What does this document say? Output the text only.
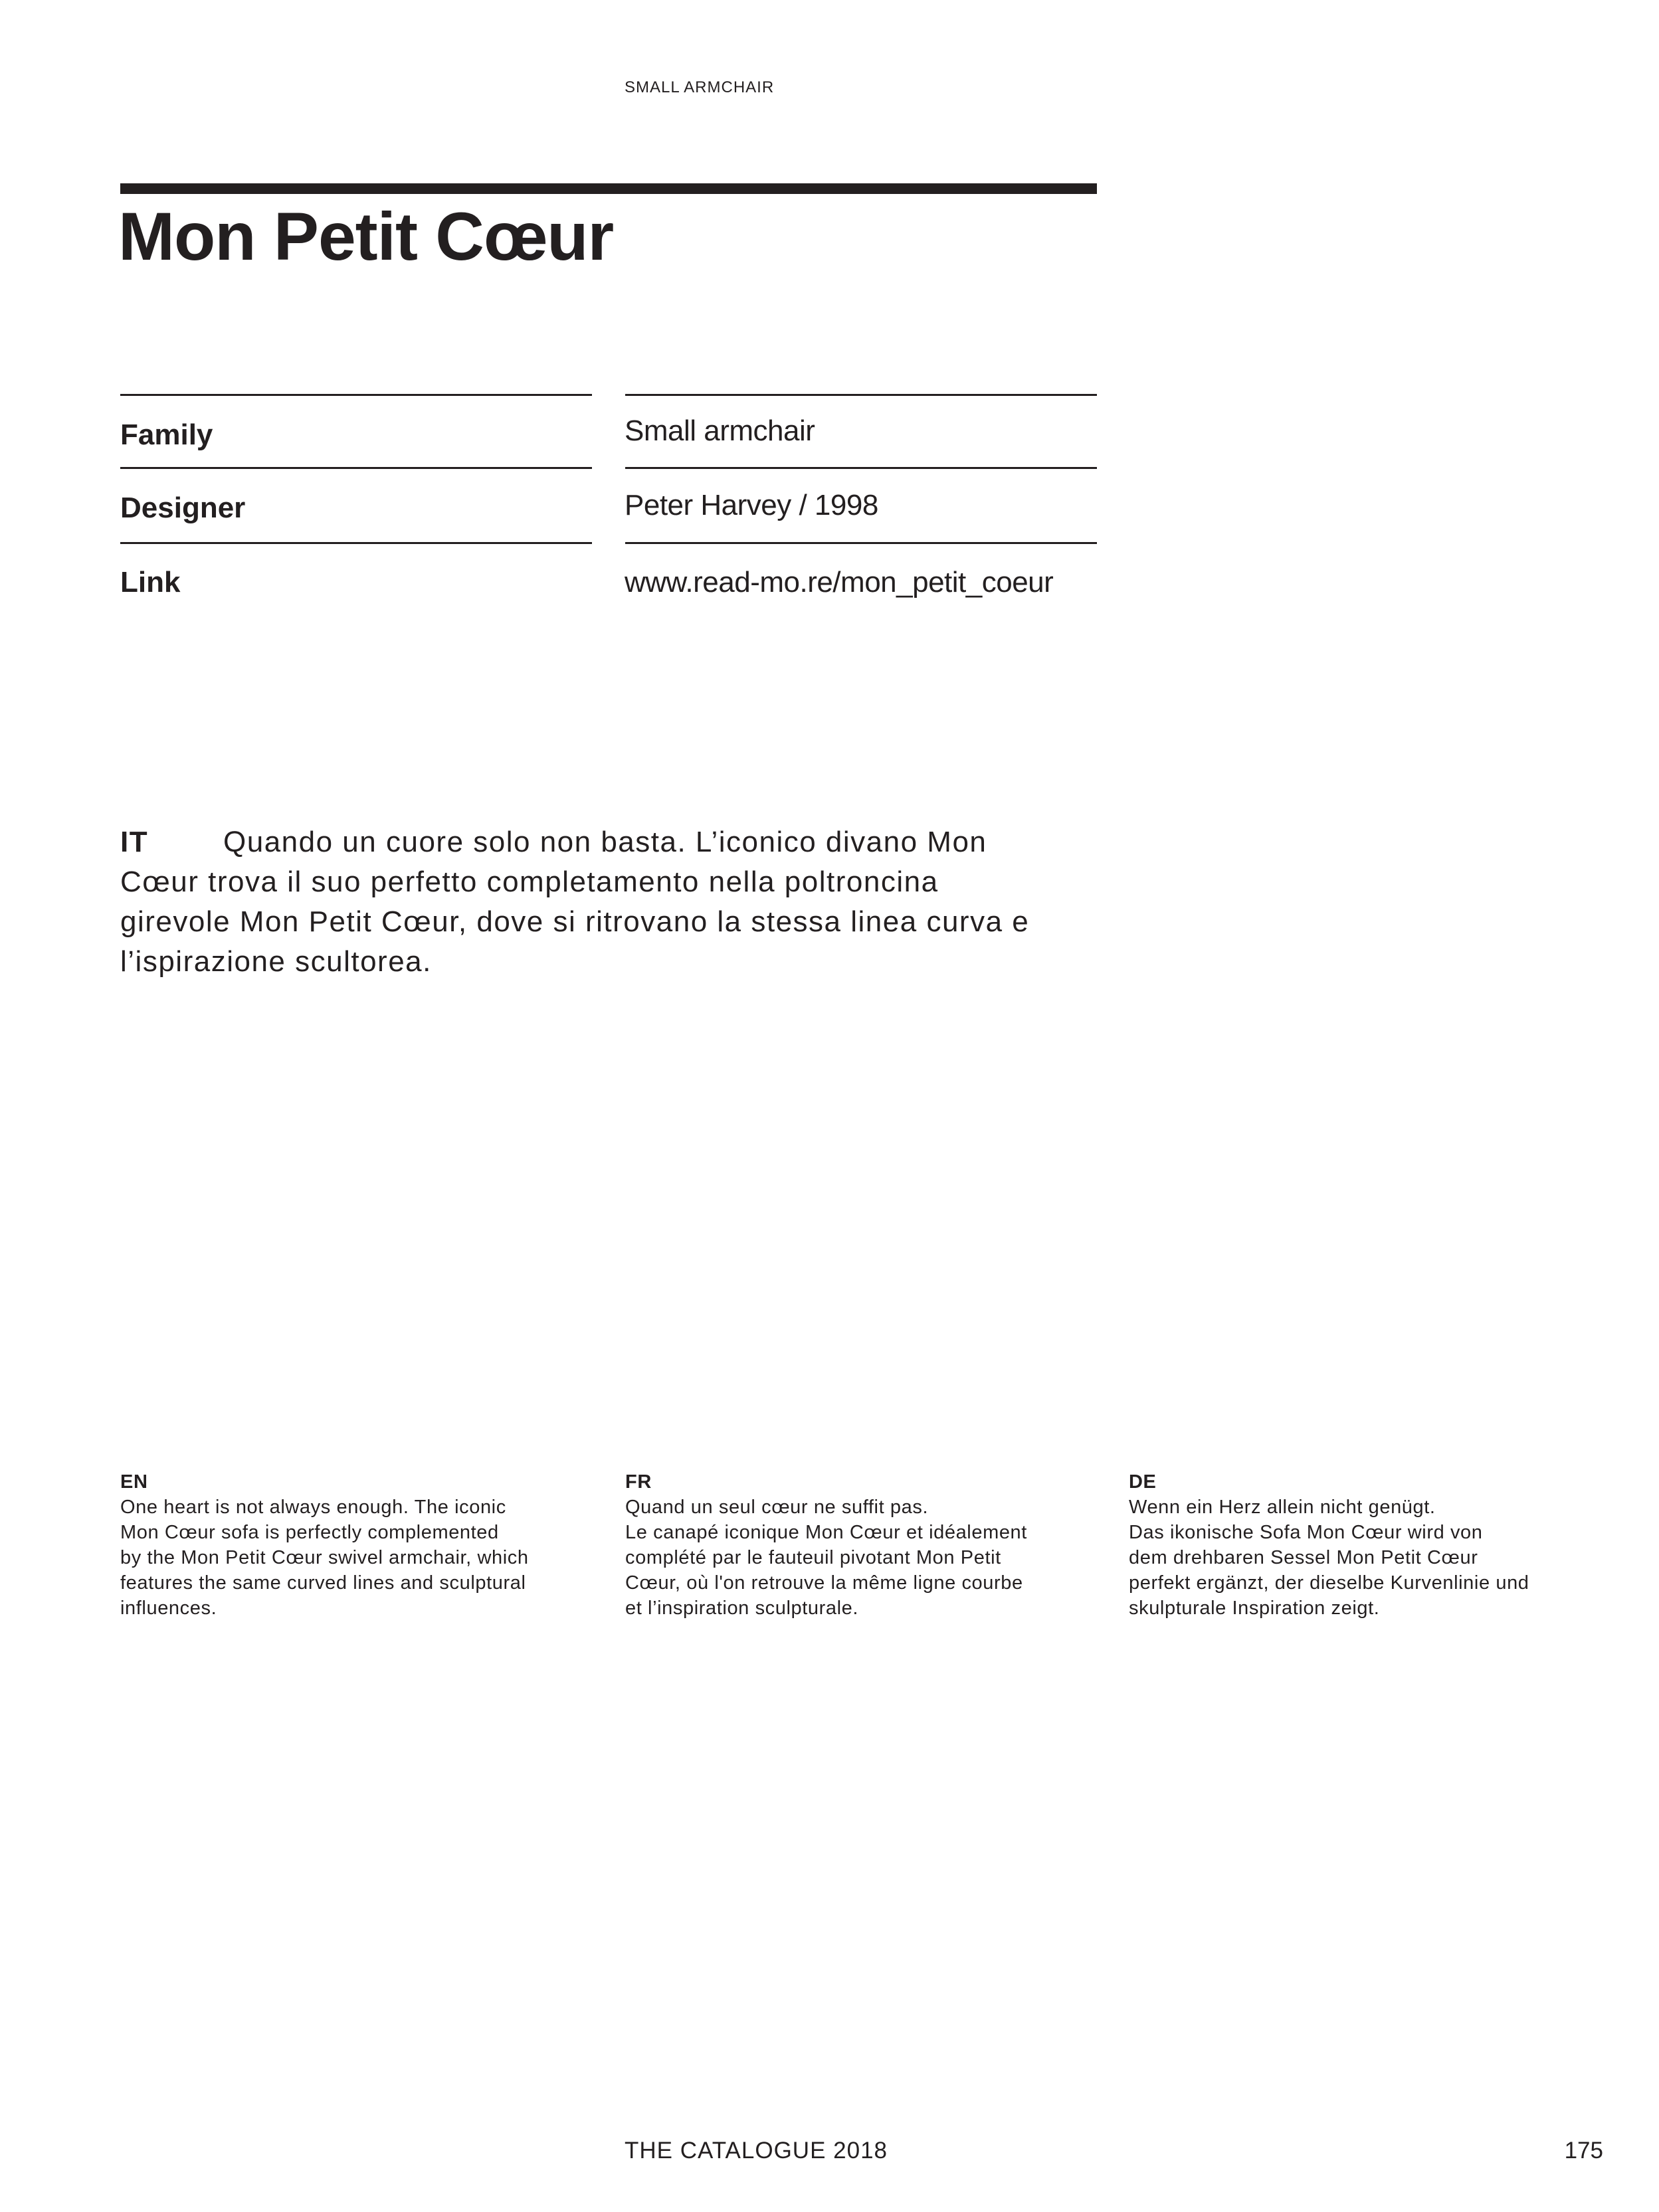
SMALL ARMCHAIR
Mon Petit Cœur
Family	Small armchair
Designer	Peter Harvey / 1998
Link	www.read-mo.re/mon_petit_coeur
IT	Quando un cuore solo non basta. L’iconico divano Mon Cœur trova il suo perfetto completamento nella poltroncina girevole Mon Petit Cœur, dove si ritrovano la stessa linea curva e l’ispirazione scultorea.
EN
One heart is not always enough. The iconic
Mon Cœur sofa is perfectly complemented
by the Mon Petit Cœur swivel armchair, which
features the same curved lines and sculptural
influences.
FR
Quand un seul cœur ne suffit pas.
Le canapé iconique Mon Cœur et idéalement
complété par le fauteuil pivotant Mon Petit
Cœur, où l'on retrouve la même ligne courbe
et l’inspiration sculpturale.
DE
Wenn ein Herz allein nicht genügt.
Das ikonische Sofa Mon Cœur wird von
dem drehbaren Sessel Mon Petit Cœur
perfekt ergänzt, der dieselbe Kurvenlinie und
skulpturale Inspiration zeigt.
THE CATALOGUE 2018	175
